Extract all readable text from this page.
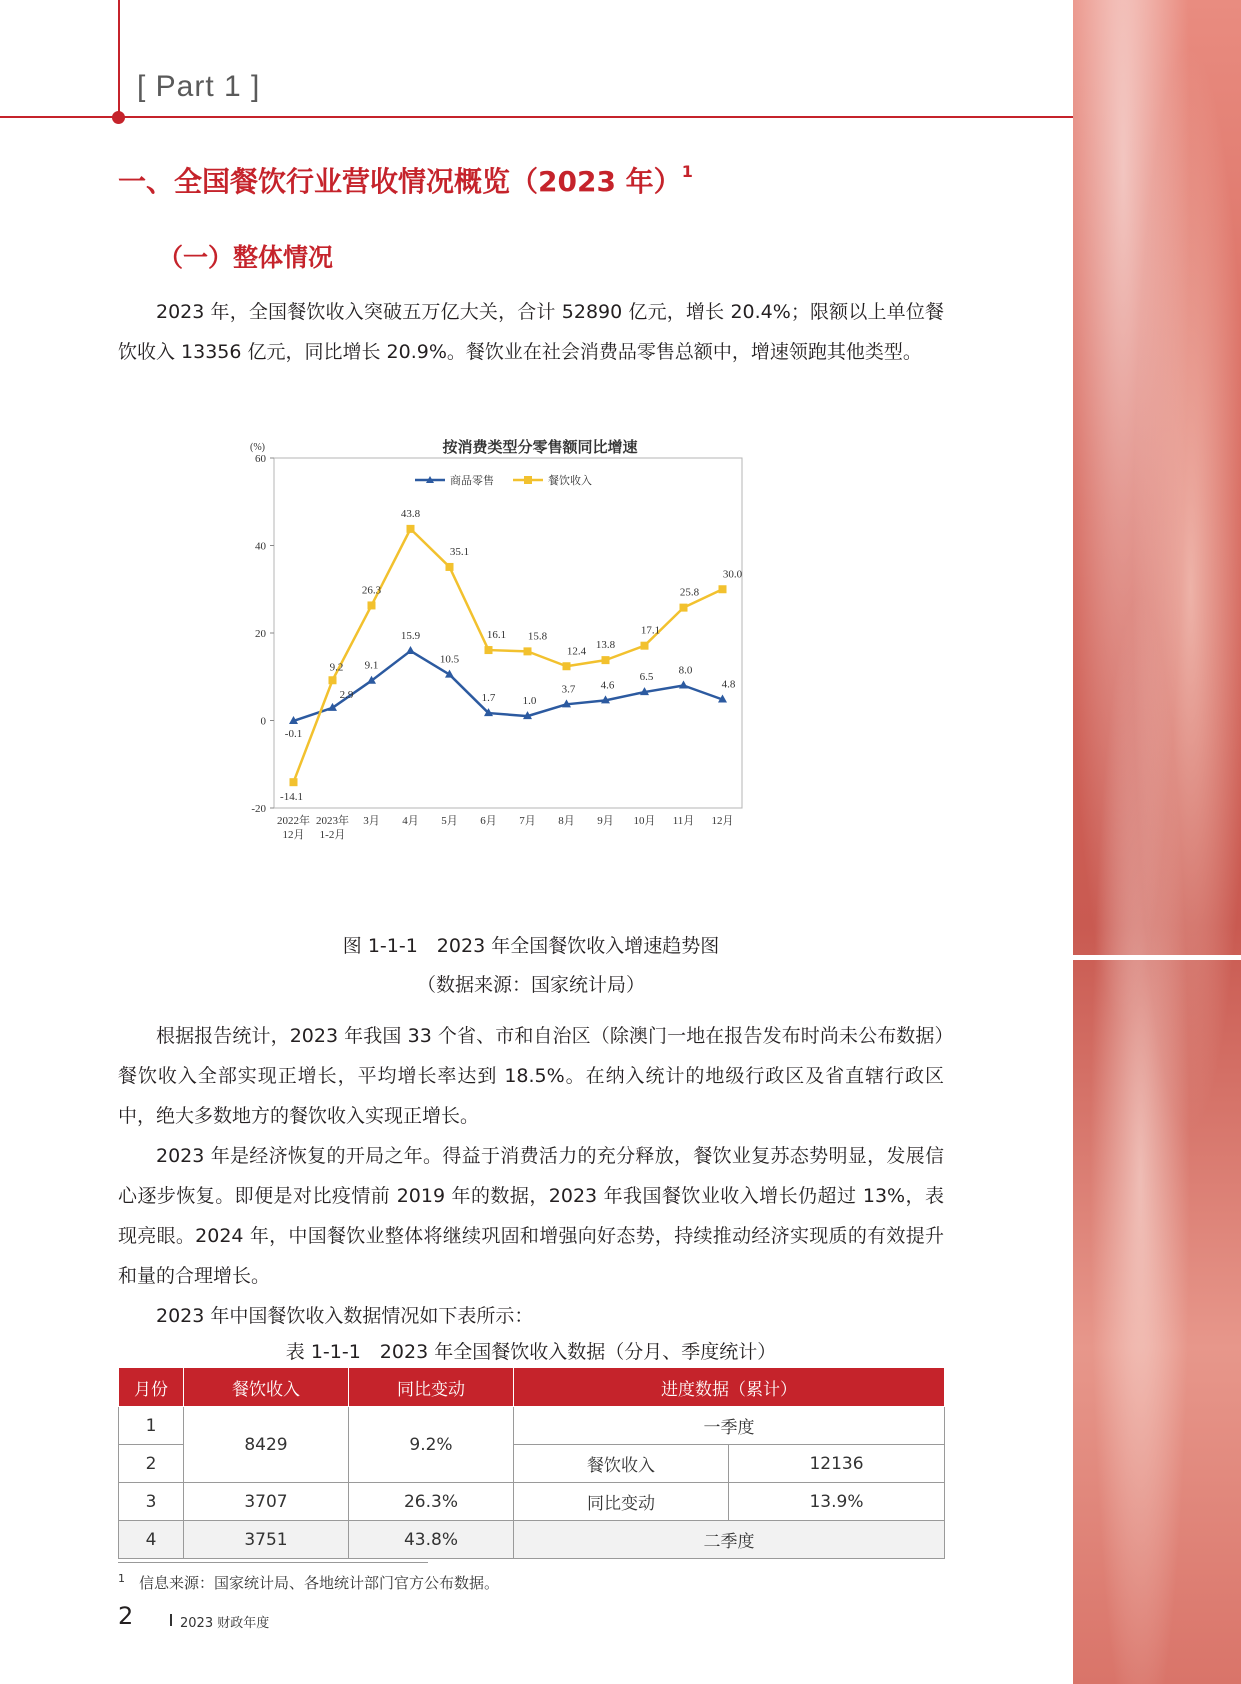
[ Part 1 ]
一、全国餐饮行业营收情况概览（2023 年）$^1$
（一）整体情况

2023 年，全国餐饮收入突破五万亿大关，合计 52890 亿元，增长 20.4%；限额以上单位餐饮收入 13356 亿元，同比增长 20.9%。餐饮业在社会消费品零售总额中，增速领跑其他类型。

按消费类型分零售额同比增速
(%)
-20
0
20
40
60
2022年
12月
2023年
1-2月
3月 4月 5月 6月 7月 8月 9月 10月 11月 12月
商品零售	餐饮收入
-0.1
2.9
9.1
15.9
10.5
1.7 1.0
3.7 4.6
6.5
8.0
4.8
-14.1
9.2
26.3
43.8
35.1
16.1 15.8
12.4
13.8
17.1
25.8
30.0
图 1-1-1　2023 年全国餐饮收入增速趋势图
（数据来源：国家统计局）

根据报告统计，2023 年我国 33 个省、市和自治区（除澳门一地在报告发布时尚未公布数据）餐饮收入全部实现正增长，平均增长率达到 18.5%。在纳入统计的地级行政区及省直辖行政区中，绝大多数地方的餐饮收入实现正增长。

2023 年是经济恢复的开局之年。得益于消费活力的充分释放，餐饮业复苏态势明显，发展信心逐步恢复。即便是对比疫情前 2019 年的数据，2023 年我国餐饮业收入增长仍超过 13%，表现亮眼。2024 年，中国餐饮业整体将继续巩固和增强向好态势，持续推动经济实现质的有效提升和量的合理增长。

2023 年中国餐饮收入数据情况如下表所示：

表 1-1-1　2023 年全国餐饮收入数据（分月、季度统计）
月份	餐饮收入	同比变动	进度数据（累计）	
1	8429	9.2%	一季度	
2			餐饮收入	12136
3	3707	26.3%	同比变动	13.9%
4	3751	43.8%	二季度	
$^1$ 信息来源：国家统计局、各地统计部门官方公布数据。
2	2023 财政年度
